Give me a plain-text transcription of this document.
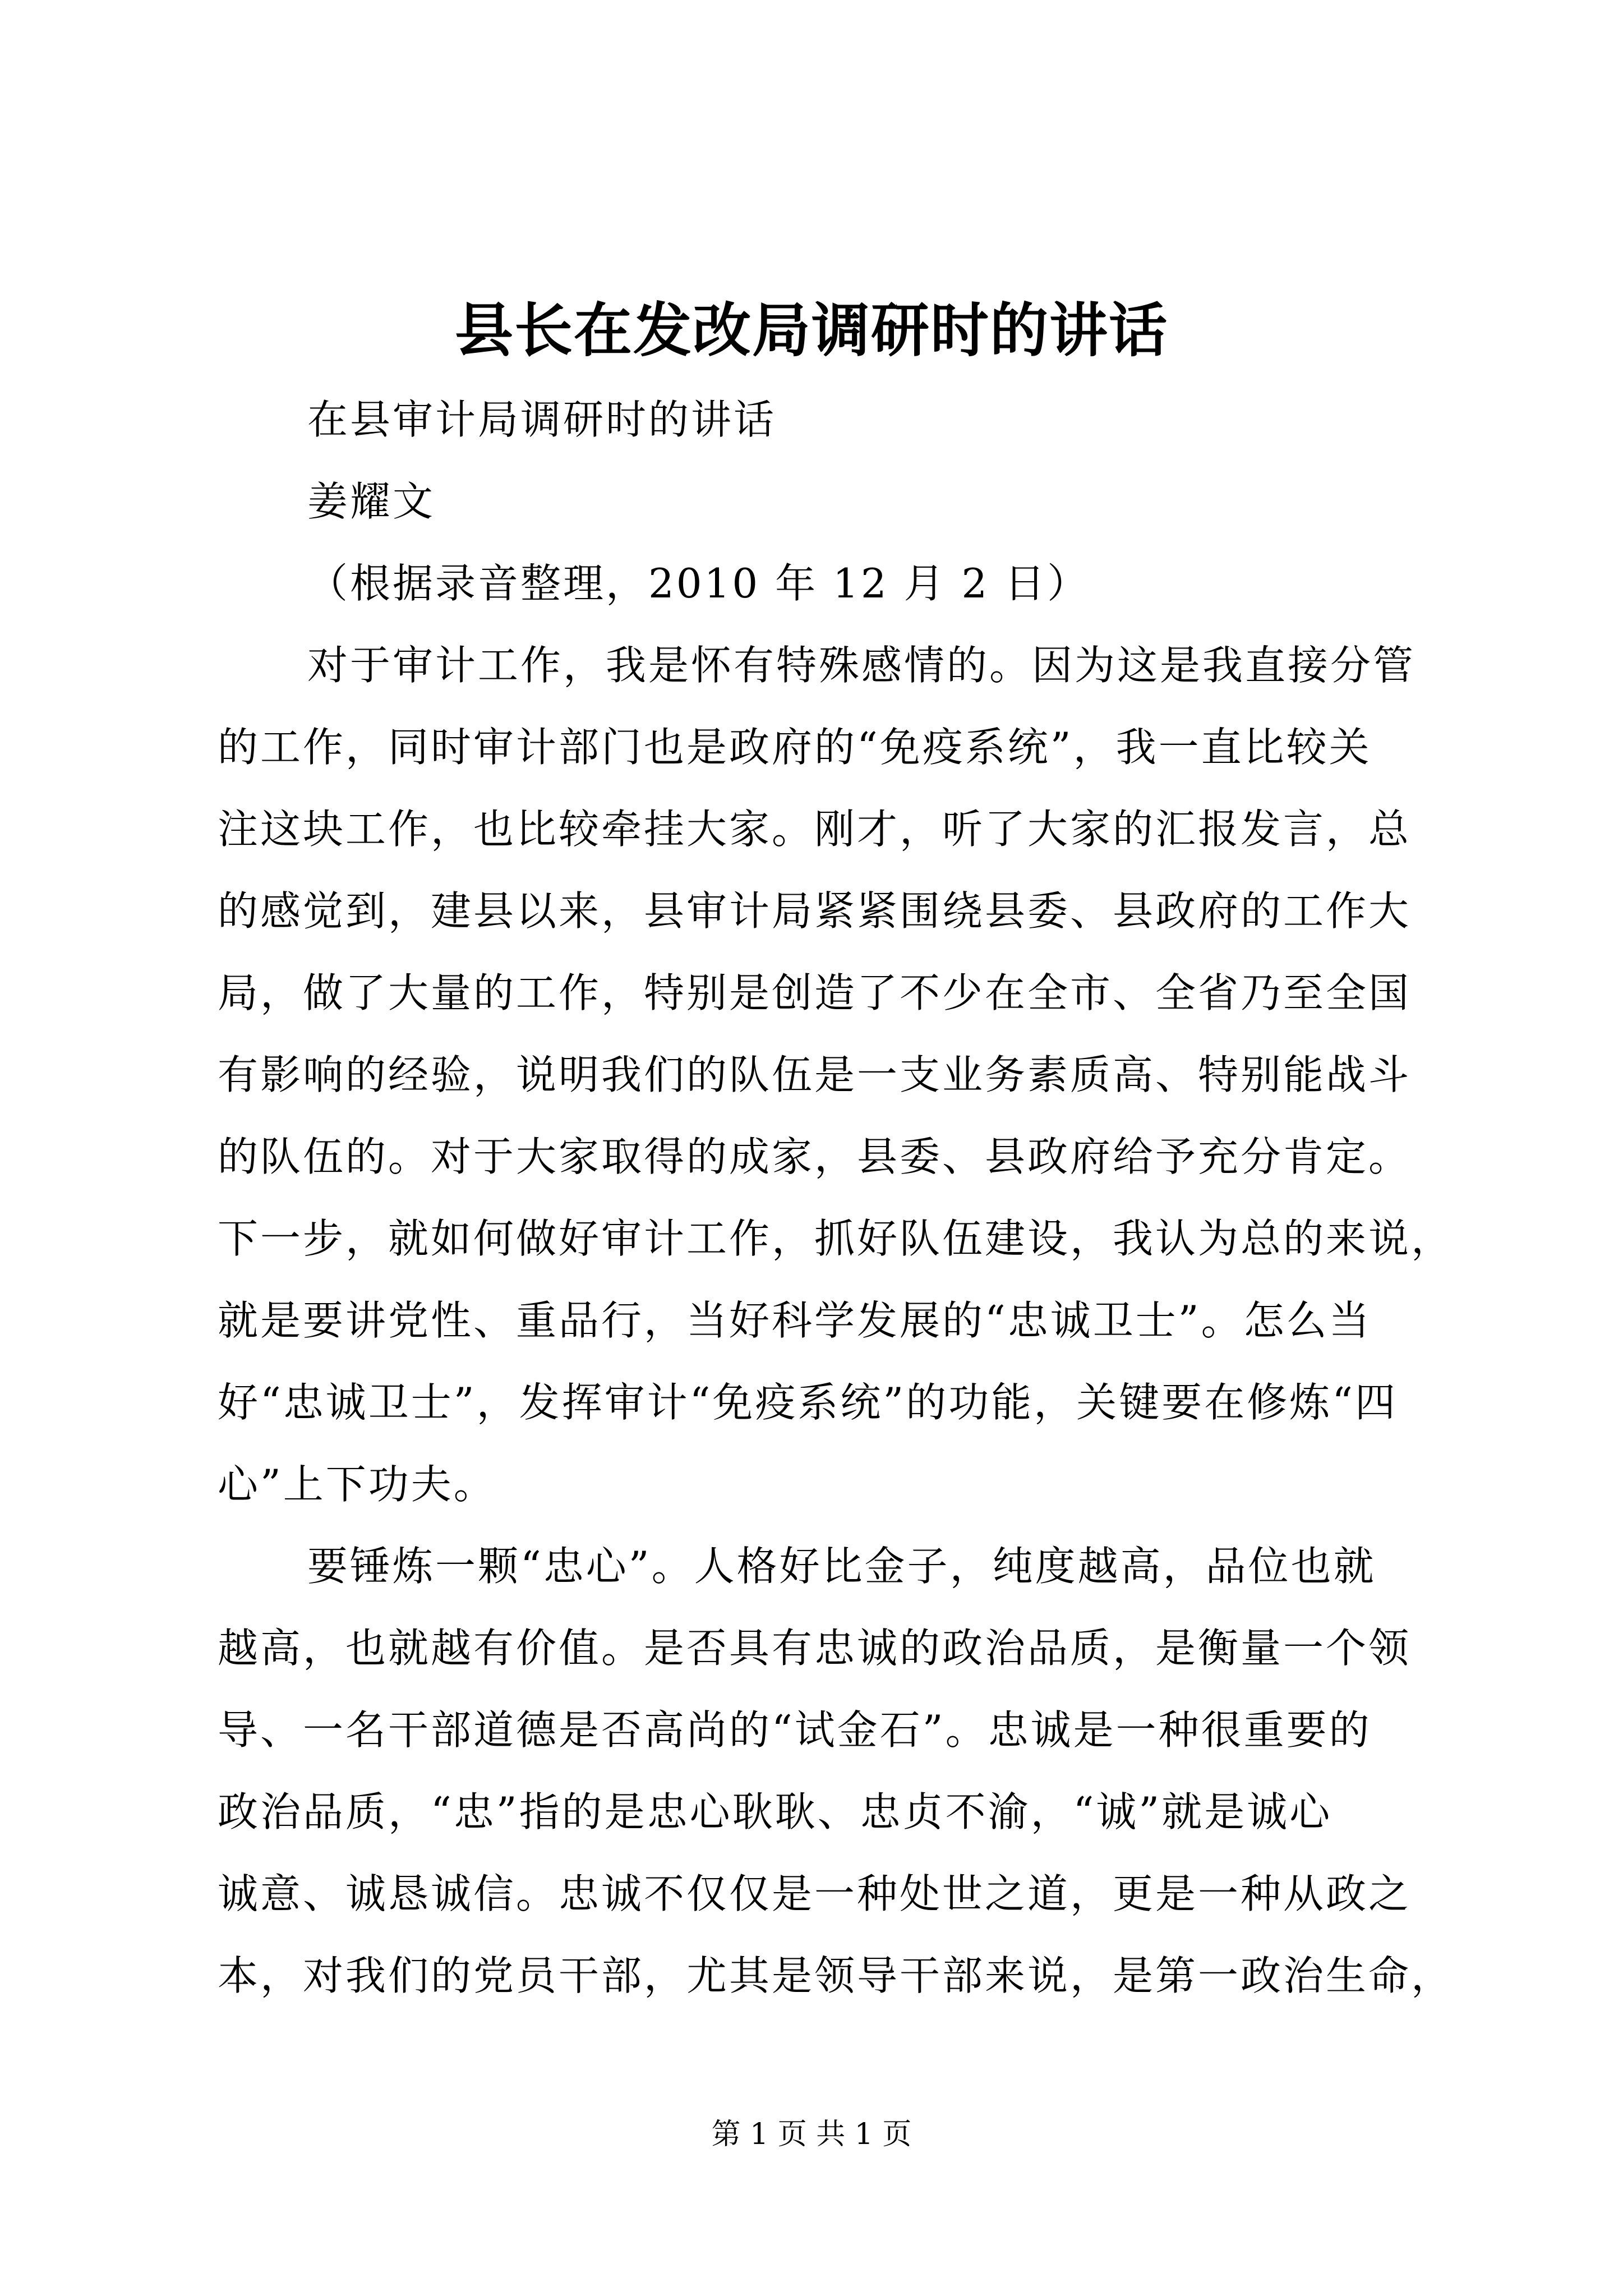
县长在发改局调研时的讲话

在县审计局调研时的讲话

姜耀文

（根据录音整理，2010 年 12 月 2 日）

对于审计工作，我是怀有特殊感情的。因为这是我直接分管

的工作，同时审计部门也是政府的“免疫系统”，我一直比较关

注这块工作，也比较牵挂大家。刚才，听了大家的汇报发言，总

的感觉到，建县以来，县审计局紧紧围绕县委、县政府的工作大

局，做了大量的工作，特别是创造了不少在全市、全省乃至全国

有影响的经验，说明我们的队伍是一支业务素质高、特别能战斗

的队伍的。对于大家取得的成家，县委、县政府给予充分肯定。

下一步，就如何做好审计工作，抓好队伍建设，我认为总的来说，

就是要讲党性、重品行，当好科学发展的“忠诚卫士”。怎么当

好“忠诚卫士”，发挥审计“免疫系统”的功能，关键要在修炼“四

心”上下功夫。

要锤炼一颗“忠心”。人格好比金子，纯度越高，品位也就

越高，也就越有价值。是否具有忠诚的政治品质，是衡量一个领

导、一名干部道德是否高尚的“试金石”。忠诚是一种很重要的

政治品质，“忠”指的是忠心耿耿、忠贞不渝，“诚”就是诚心

诚意、诚恳诚信。忠诚不仅仅是一种处世之道，更是一种从政之

本，对我们的党员干部，尤其是领导干部来说，是第一政治生命，

第 1 页 共 1 页
